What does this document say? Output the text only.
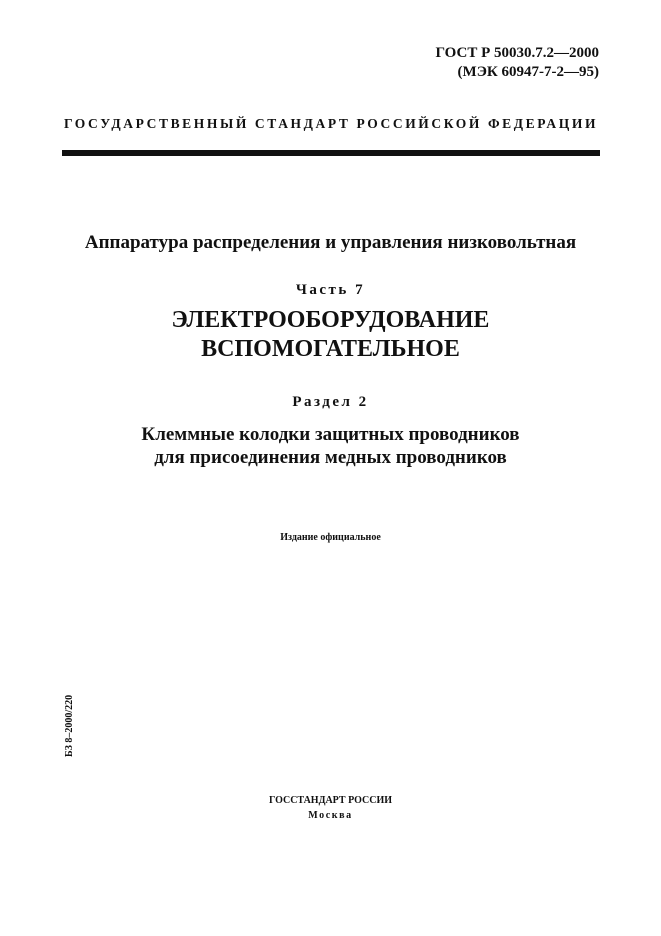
ГОСТ Р 50030.7.2—2000
(МЭК 60947-7-2—95)
ГОСУДАРСТВЕННЫЙ СТАНДАРТ РОССИЙСКОЙ ФЕДЕРАЦИИ
Аппаратура распределения и управления низковольтная
Часть 7
ЭЛЕКТРООБОРУДОВАНИЕ
ВСПОМОГАТЕЛЬНОЕ
Раздел 2
Клеммные колодки защитных проводников
для присоединения медных проводников
Издание официальное
БЗ 8–2000/220
ГОССТАНДАРТ РОССИИ
Москва
